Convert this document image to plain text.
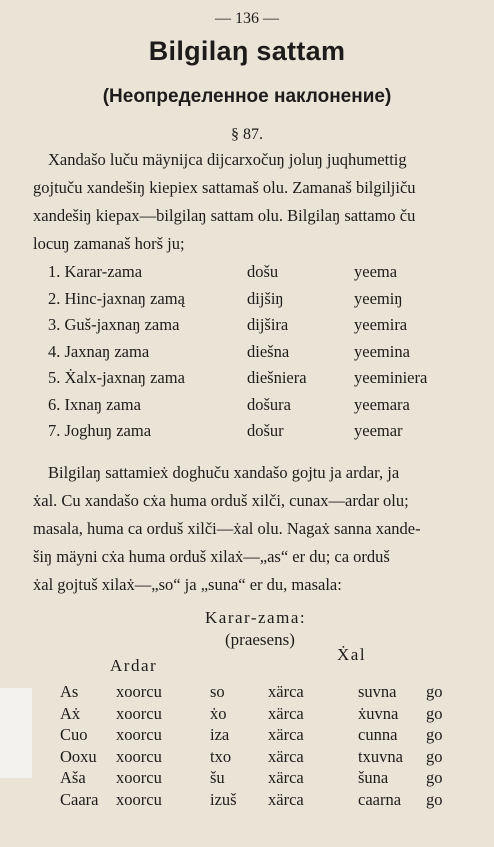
— 136 —
Bilgilaŋ sattam
(Неопределенное наклонение)
§ 87.
Xandašo luču mäynijca dijcarxočuŋ joluŋ juqhumettig
gojtuču xandešiŋ kiepiex sattamaš olu. Zamanaš bilgiljiču
xandešiŋ kiepax—bilgilaŋ sattam olu. Bilgilaŋ sattamo ču
locuŋ zamanaš horš ju;
1. Karar-zama	došu	yeema
2. Hinc-jaxnaŋ zamą	dijšiŋ	yeemiŋ
3. Guš-jaxnaŋ zama	dijšira	yeemira
4. Jaxnaŋ zama	diešna	yeemina
5. Ẋalx-jaxnaŋ zama	diešniera	yeeminiera
6. Ixnaŋ zama	došura	yeemara
7. Joghuŋ zama	došur	yeemar
Bilgilaŋ sattamieẋ doghuču xandašo gojtu ja ardar, ja
ẋal. Cu xandašo cẋa huma orduš xilči, cunax—ardar olu;
masala, huma ca orduš xilči—ẋal olu. Nagaẋ sanna xande-
šiŋ mäyni cẋa huma orduš xilaẋ—„as“ er du; ca orduš
ẋal gojtuš xilaẋ—„so“ ja „suna“ er du, masala:
Karar-zama:
(praesens)
Ardar
Ẋal
As xoorcu	so	xärca	suvna go
Aẋ xoorcu	ẋo	xärca	ẋuvna go
Cuo xoorcu	iza xärca	cunna go
Ooxu xoorcu	txo xärca	txuvna go
Aša xoorcu	šu	xärca	šuna go
Caara xoorcu	izuš xärca	caarna go
